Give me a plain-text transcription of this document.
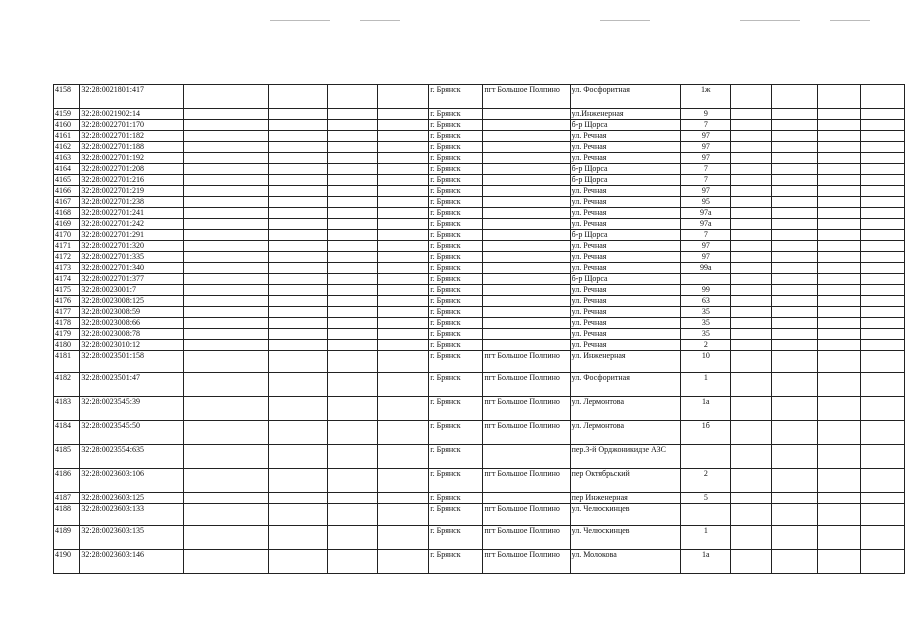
4158	32:28:0021801:417					г. Брянск	пгт Большое Полпино	ул. Фосфоритная	1ж				
4159	32:28:0021902:14					г. Брянск		ул.Инженерная	9				
4160	32:28:0022701:170					г. Брянск		б-р Щорса	7				
4161	32:28:0022701:182					г. Брянск		ул. Речная	97				
4162	32:28:0022701:188					г. Брянск		ул. Речная	97				
4163	32:28:0022701:192					г. Брянск		ул. Речная	97				
4164	32:28:0022701:208					г. Брянск		б-р Щорса	7				
4165	32:28:0022701:216					г. Брянск		б-р Щорса	7				
4166	32:28:0022701:219					г. Брянск		ул. Речная	97				
4167	32:28:0022701:238					г. Брянск		ул. Речная	95				
4168	32:28:0022701:241					г. Брянск		ул. Речная	97а				
4169	32:28:0022701:242					г. Брянск		ул. Речная	97а				
4170	32:28:0022701:291					г. Брянск		б-р Щорса	7				
4171	32:28:0022701:320					г. Брянск		ул. Речная	97				
4172	32:28:0022701:335					г. Брянск		ул. Речная	97				
4173	32:28:0022701:340					г. Брянск		ул. Речная	99а				
4174	32:28:0022701:377					г. Брянск		б-р Щорса					
4175	32:28:0023001:7					г. Брянск		ул. Речная	99				
4176	32:28:0023008:125					г. Брянск		ул. Речная	63				
4177	32:28:0023008:59					г. Брянск		ул. Речная	35				
4178	32:28:0023008:66					г. Брянск		ул. Речная	35				
4179	32:28:0023008:78					г. Брянск		ул. Речная	35				
4180	32:28:0023010:12					г. Брянск		ул. Речная	2				
4181	32:28:0023501:158					г. Брянск	пгт Большое Полпино	ул. Инженерная	10				
4182	32:28:0023501:47					г. Брянск	пгт Большое Полпино	ул. Фосфоритная	1				
4183	32:28:0023545:39					г. Брянск	пгт Большое Полпино	ул. Лермонтова	1а				
4184	32:28:0023545:50					г. Брянск	пгт Большое Полпино	ул. Лермонтова	1б				
4185	32:28:0023554:635					г. Брянск		пер.3-й Орджоникидзе АЗС					
4186	32:28:0023603:106					г. Брянск	пгт Большое Полпино	пер Октябрьский	2				
4187	32:28:0023603:125					г. Брянск		пер Инженерная	5				
4188	32:28:0023603:133					г. Брянск	пгт Большое Полпино	ул. Челюскинцев					
4189	32:28:0023603:135					г. Брянск	пгт Большое Полпино	ул. Челюскинцев	1				
4190	32:28:0023603:146					г. Брянск	пгт Большое Полпино	ул. Молокова	1а				
